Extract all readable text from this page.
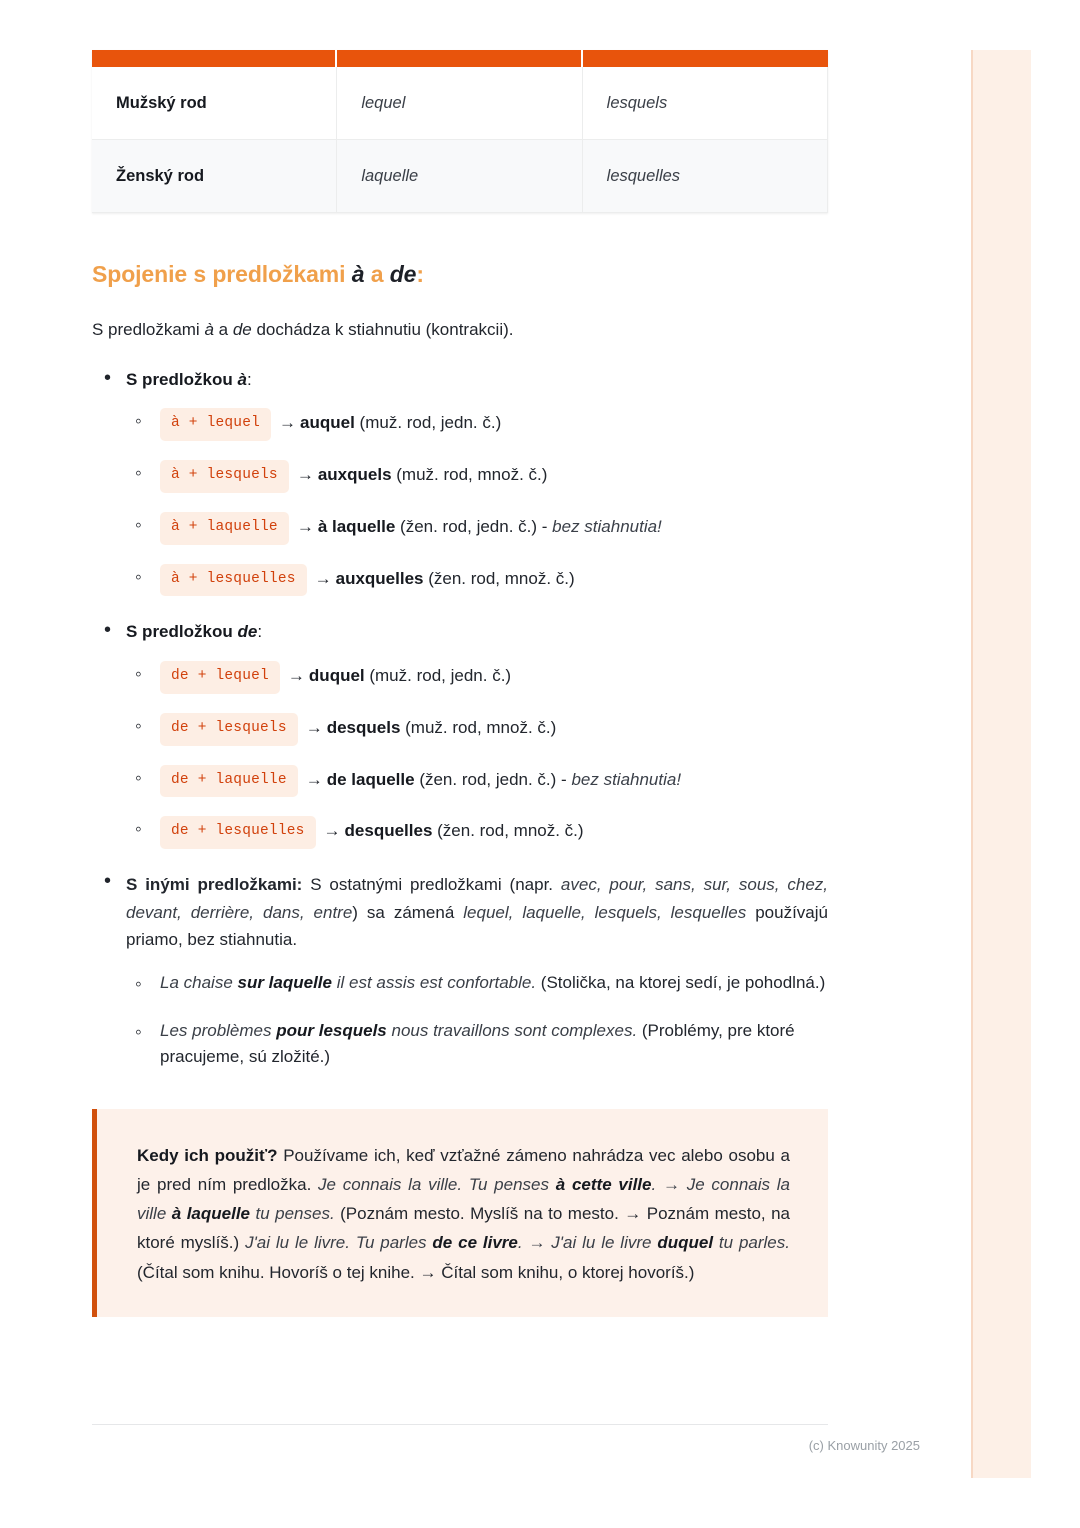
Mužský rod	lequel	lesquels
Ženský rod	laquelle	lesquelles
Spojenie s predložkami à a de:

S predložkami à a de dochádza k stiahnutiu (kontrakcii).

• S predložkou à:
◦ à + lequel → auquel (muž. rod, jedn. č.)
◦ à + lesquels → auxquels (muž. rod, množ. č.)
◦ à + laquelle → à laquelle (žen. rod, jedn. č.) - bez stiahnutia!
◦ à + lesquelles → auxquelles (žen. rod, množ. č.)
• S predložkou de:
◦ de + lequel → duquel (muž. rod, jedn. č.)
◦ de + lesquels → desquels (muž. rod, množ. č.)
◦ de + laquelle → de laquelle (žen. rod, jedn. č.) - bez stiahnutia!
◦ de + lesquelles → desquelles (žen. rod, množ. č.)

• S inými predložkami: S ostatnými predložkami (napr. avec, pour, sans, sur, sous, chez, devant, derrière, dans, entre) sa zámená lequel, laquelle, lesquels, lesquelles používajú priamo, bez stiahnutia.

◦ La chaise sur laquelle il est assis est confortable. (Stolička, na ktorej sedí, je pohodlná.)
◦ Les problèmes pour lesquels nous travaillons sont complexes. (Problémy, pre ktoré pracujeme, sú zložité.)

Kedy ich použiť? Používame ich, keď vzťažné zámeno nahrádza vec alebo osobu a je pred ním predložka. Je connais la ville. Tu penses à cette ville. → Je connais la ville à laquelle tu penses. (Poznám mesto. Myslíš na to mesto. → Poznám mesto, na ktoré myslíš.) J'ai lu le livre. Tu parles de ce livre. → J'ai lu le livre duquel tu parles. (Čítal som knihu. Hovoríš o tej knihe. → Čítal som knihu, o ktorej hovoríš.)

(c) Knowunity 2025
